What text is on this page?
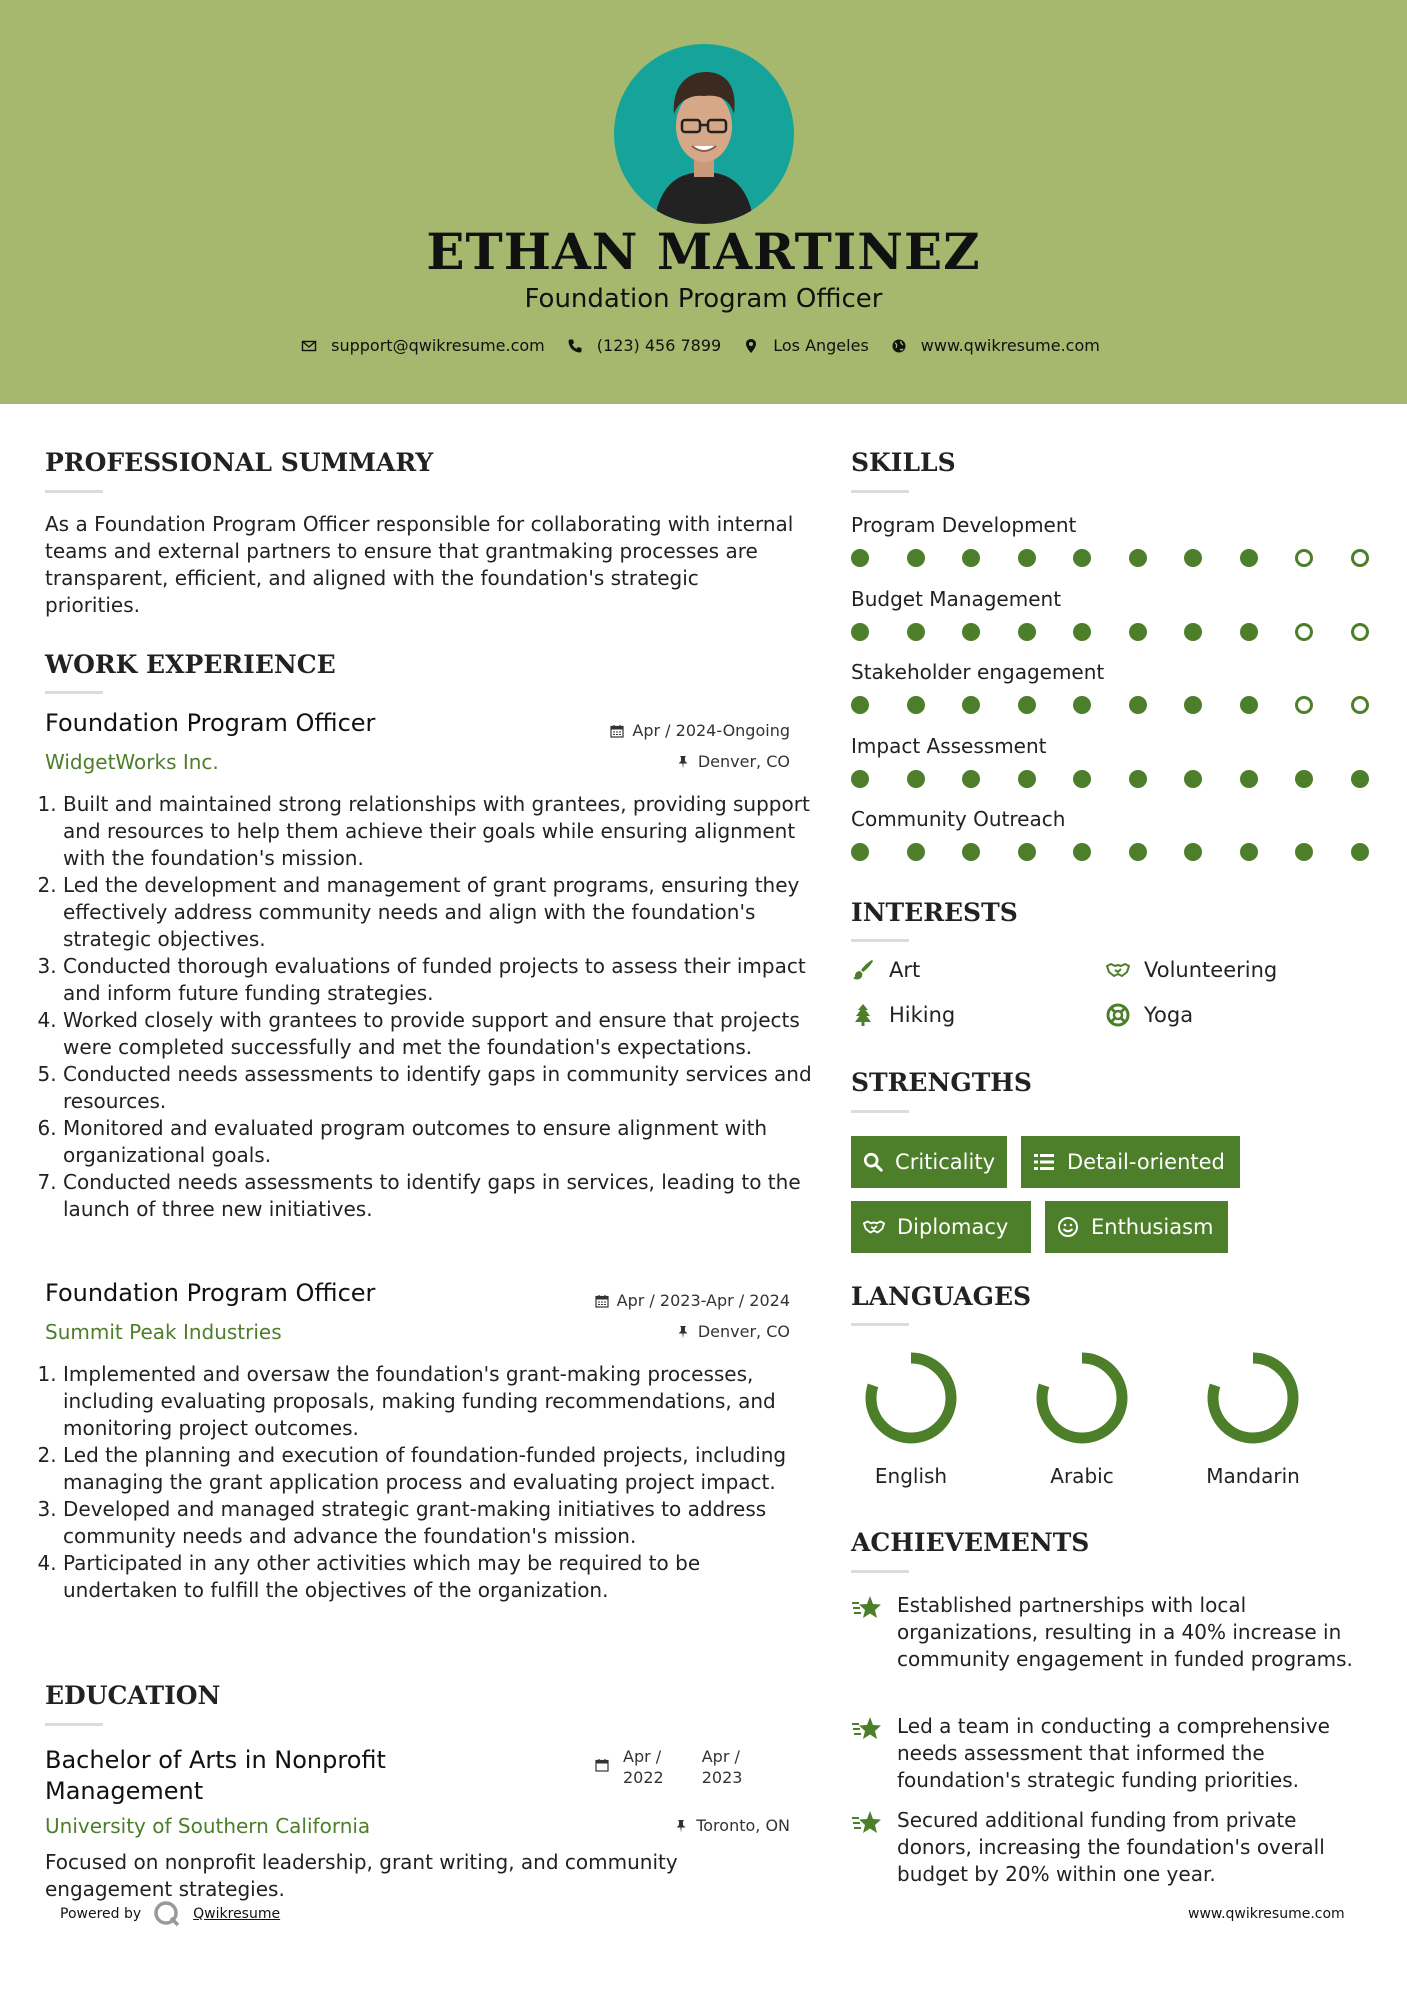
ETHAN MARTINEZ
Foundation Program Officer
support@qwikresume.com	(123) 456 7899	Los Angeles	www.qwikresume.com
PROFESSIONAL SUMMARY
As a Foundation Program Officer responsible for collaborating with internal teams and external partners to ensure that grantmaking processes are transparent, efficient, and aligned with the foundation's strategic priorities.
WORK EXPERIENCE
Foundation Program Officer	Apr / 2024-Ongoing
WidgetWorks Inc.	Denver, CO
1. Built and maintained strong relationships with grantees, providing support and resources to help them achieve their goals while ensuring alignment with the foundation's mission.
2. Led the development and management of grant programs, ensuring they effectively address community needs and align with the foundation's strategic objectives.
3. Conducted thorough evaluations of funded projects to assess their impact and inform future funding strategies.
4. Worked closely with grantees to provide support and ensure that projects were completed successfully and met the foundation's expectations.
5. Conducted needs assessments to identify gaps in community services and resources.
6. Monitored and evaluated program outcomes to ensure alignment with organizational goals.
7. Conducted needs assessments to identify gaps in services, leading to the launch of three new initiatives.
Foundation Program Officer	Apr / 2023-Apr / 2024
Summit Peak Industries	Denver, CO
1. Implemented and oversaw the foundation's grant-making processes, including evaluating proposals, making funding recommendations, and monitoring project outcomes.
2. Led the planning and execution of foundation-funded projects, including managing the grant application process and evaluating project impact.
3. Developed and managed strategic grant-making initiatives to address community needs and advance the foundation's mission.
4. Participated in any other activities which may be required to be undertaken to fulfill the objectives of the organization.
EDUCATION
Bachelor of Arts in Nonprofit Management
Apr /
2022
Apr /
2023
University of Southern California	Toronto, ON
Focused on nonprofit leadership, grant writing, and community engagement strategies.
SKILLS
Program Development
Budget Management
Stakeholder engagement
Impact Assessment
Community Outreach
INTERESTS
Art	Volunteering
Hiking	Yoga
STRENGTHS
Criticality	Detail-oriented
Diplomacy	Enthusiasm
LANGUAGES
English	Arabic	Mandarin
ACHIEVEMENTS
Established partnerships with local organizations, resulting in a 40% increase in community engagement in funded programs.
Led a team in conducting a comprehensive needs assessment that informed the foundation's strategic funding priorities.
Secured additional funding from private donors, increasing the foundation's overall budget by 20% within one year.
Powered by	Qwikresume	www.qwikresume.com
